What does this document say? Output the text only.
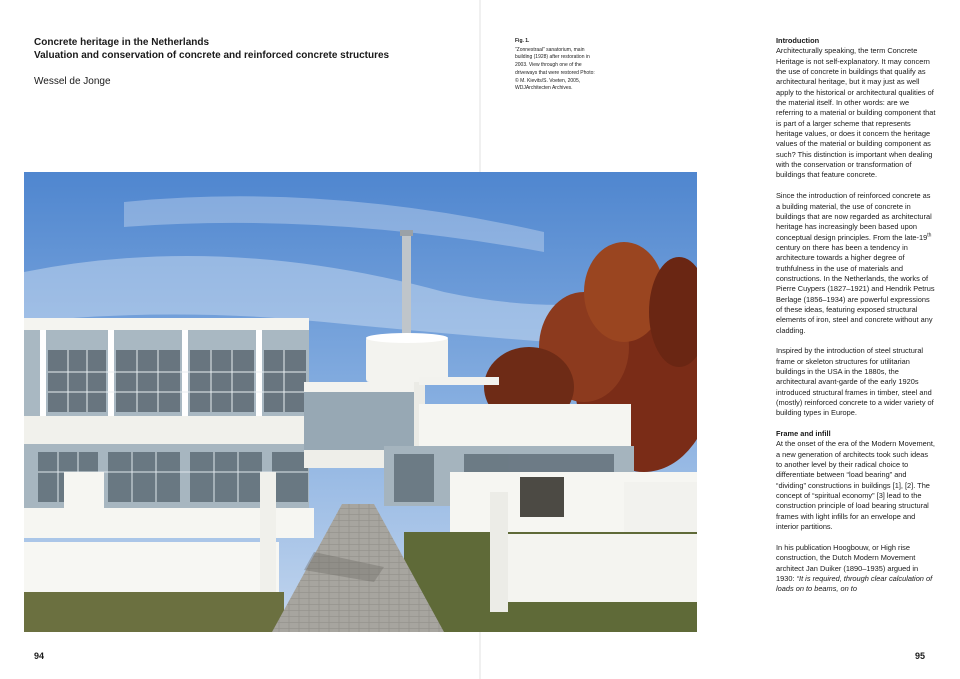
Concrete heritage in the Netherlands
Valuation and conservation of concrete and reinforced concrete structures
Wessel de Jonge
Fig. 1.
“Zonnestraal” sanatorium, main building (1928) after restoration in 2003. View through one of the driveways that were restored Photo: © M. Kievits/S. Voeten, 2005, WDJArchitecten Archives.
Introduction

Architecturally speaking, the term Concrete Heritage is not self-explanatory. It may concern the use of concrete in buildings that qualify as architectural heritage, but it may just as well apply to the historical or architectural qualities of the material itself. In other words: are we referring to a material or building component that is part of a larger scheme that represents heritage values, or does it concern the heritage values of the material or building component as such? This distinction is important when dealing with the conservation or transformation of buildings that feature concrete.

Since the introduction of reinforced concrete as a building material, the use of concrete in buildings that are now regarded as architectural heritage has increasingly been based upon conceptual design principles. From the late-19th century on there has been a tendency in architecture towards a higher degree of truthfulness in the use of materials and constructions. In the Netherlands, the works of Pierre Cuypers (1827–1921) and Hendrik Petrus Berlage (1856–1934) are powerful expressions of these ideas, featuring exposed structural elements of iron, steel and concrete without any cladding.

Inspired by the introduction of steel structural frame or skeleton structures for utilitarian buildings in the USA in the 1880s, the architectural avant-garde of the early 1920s introduced structural frames in timber, steel and (mostly) reinforced concrete to a wider variety of building types in Europe.

Frame and infill

At the onset of the era of the Modern Movement, a new generation of architects took such ideas to another level by their radical choice to differentiate between “load bearing” and “dividing” constructions in buildings [1], [2]. The concept of “spiritual economy” [3] lead to the construction principle of load bearing structural frames with light infills for an envelope and interior partitions.

In his publication Hoogbouw, or High rise construction, the Dutch Modern Movement architect Jan Duiker (1890–1935) argued in 1930: “It is required, through clear calculation of loads on to beams, on to

94	95
